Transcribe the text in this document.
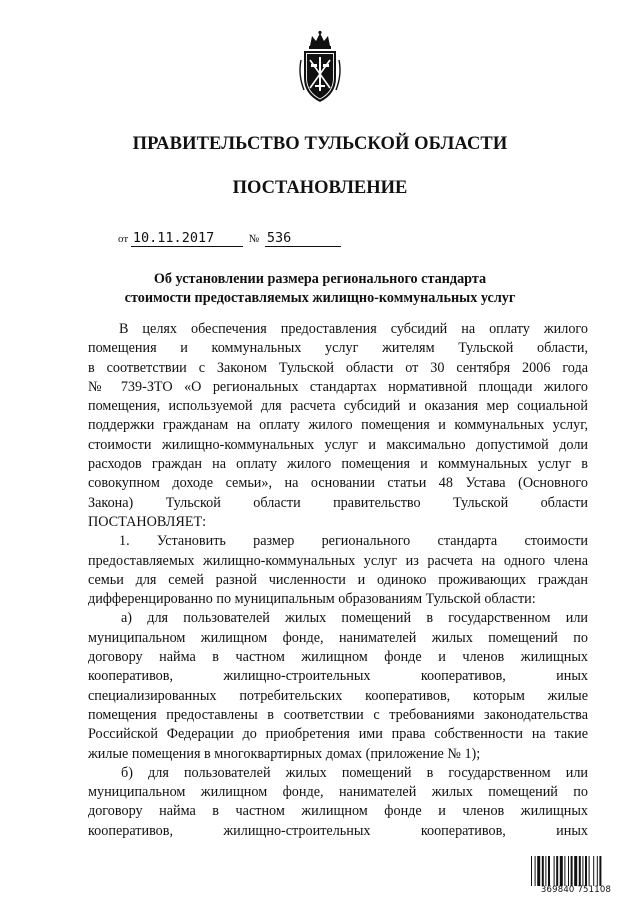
ПРАВИТЕЛЬСТВО ТУЛЬСКОЙ ОБЛАСТИ
ПОСТАНОВЛЕНИЕ
от 10.11.2017	№ 536
Об установлении размера регионального стандарта
стоимости предоставляемых жилищно-коммунальных услуг
В целях обеспечения предоставления субсидий на оплату жилого
помещения и коммунальных услуг жителям Тульской области,
в соответствии с Законом Тульской области от 30 сентября 2006 года
№ 739-ЗТО «О региональных стандартах нормативной площади жилого
помещения, используемой для расчета субсидий и оказания мер социальной
поддержки гражданам на оплату жилого помещения и коммунальных услуг,
стоимости жилищно-коммунальных услуг и максимально допустимой доли
расходов граждан на оплату жилого помещения и коммунальных услуг в
совокупном доходе семьи», на основании статьи 48 Устава (Основного
Закона) Тульской области правительство Тульской области
ПОСТАНОВЛЯЕТ:
1. Установить размер регионального стандарта стоимости
предоставляемых жилищно-коммунальных услуг из расчета на одного члена
семьи для семей разной численности и одиноко проживающих граждан
дифференцированно по муниципальным образованиям Тульской области:
а) для пользователей жилых помещений в государственном или
муниципальном жилищном фонде, нанимателей жилых помещений по
договору найма в частном жилищном фонде и членов жилищных
кооперативов, жилищно-строительных кооперативов, иных
специализированных потребительских кооперативов, которым жилые
помещения предоставлены в соответствии с требованиями законодательства
Российской Федерации до приобретения ими права собственности на такие
жилые помещения в многоквартирных домах (приложение № 1);
б) для пользователей жилых помещений в государственном или
муниципальном жилищном фонде, нанимателей жилых помещений по
договору найма в частном жилищном фонде и членов жилищных
кооперативов, жилищно-строительных кооперативов, иных
369840 751108
